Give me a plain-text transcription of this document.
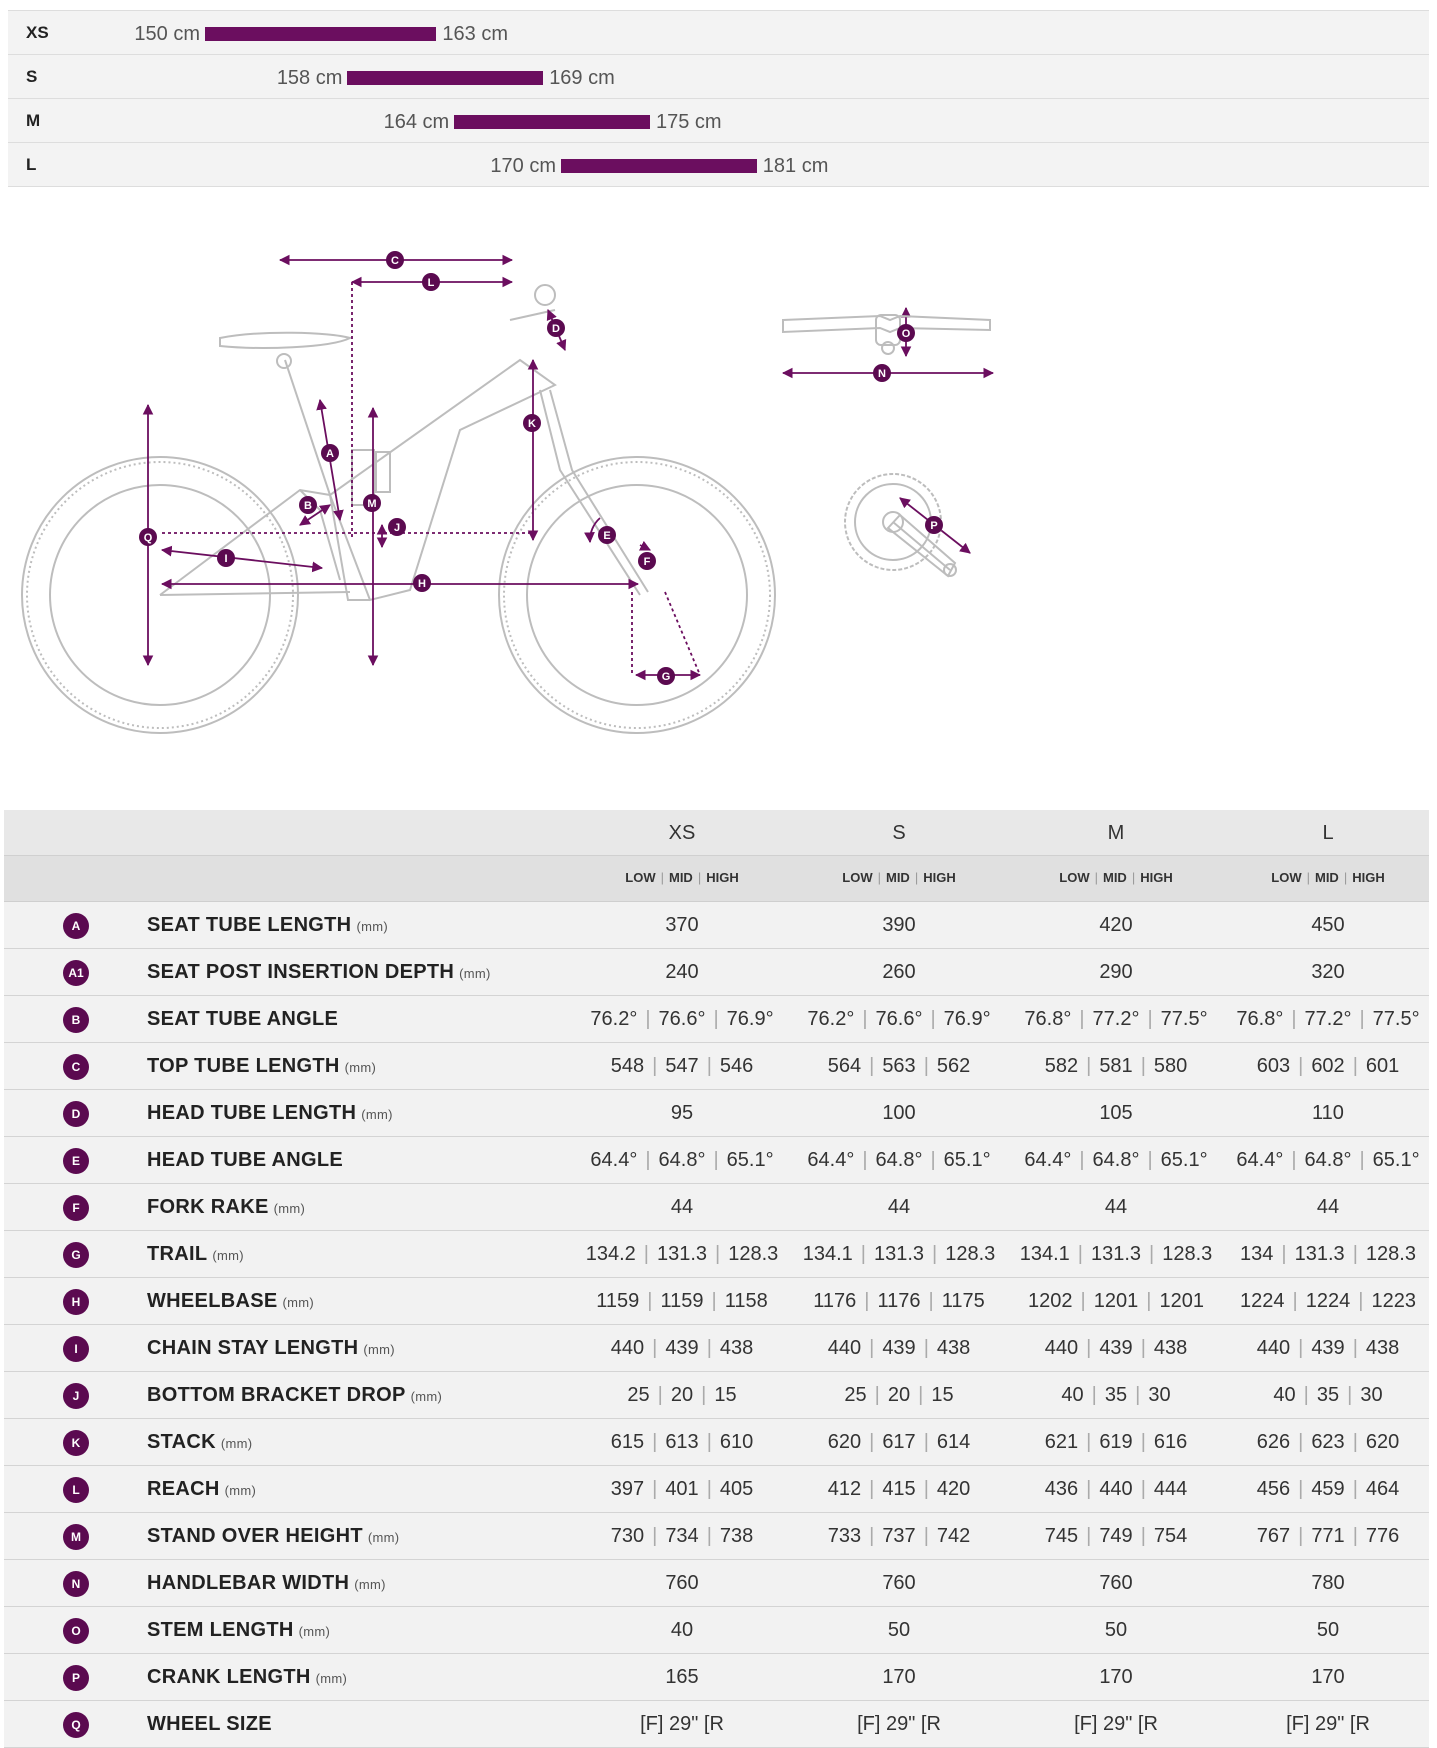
XS	150 cm	163 cm
S	158 cm	169 cm
M	164 cm	175 cm
L	170 cm	181 cm
A
B
C
D
E
F
G
H
I
J
K
L
M
N
O
P
Q
XS	S	M	L
LOW | MID | HIGH	LOW | MID | HIGH	LOW | MID | HIGH	LOW | MID | HIGH
A	SEAT TUBE LENGTH (mm)	370	390	420	450
A1	SEAT POST INSERTION DEPTH (mm)	240	260	290	320
B	SEAT TUBE ANGLE	76.2° | 76.6° | 76.9°	76.2° | 76.6° | 76.9°	76.8° | 77.2° | 77.5°	76.8° | 77.2° | 77.5°
C	TOP TUBE LENGTH (mm)	548 | 547 | 546	564 | 563 | 562	582 | 581 | 580	603 | 602 | 601
D	HEAD TUBE LENGTH (mm)	95	100	105	110
E	HEAD TUBE ANGLE	64.4° | 64.8° | 65.1°	64.4° | 64.8° | 65.1°	64.4° | 64.8° | 65.1°	64.4° | 64.8° | 65.1°
F	FORK RAKE (mm)	44	44	44	44
G	TRAIL (mm)	134.2 | 131.3 | 128.3	134.1 | 131.3 | 128.3	134.1 | 131.3 | 128.3	134 | 131.3 | 128.3
H	WHEELBASE (mm)	1159 | 1159 | 1158	1176 | 1176 | 1175	1202 | 1201 | 1201	1224 | 1224 | 1223
I	CHAIN STAY LENGTH (mm)	440 | 439 | 438	440 | 439 | 438	440 | 439 | 438	440 | 439 | 438
J	BOTTOM BRACKET DROP (mm)	25 | 20 | 15	25 | 20 | 15	40 | 35 | 30	40 | 35 | 30
K	STACK (mm)	615 | 613 | 610	620 | 617 | 614	621 | 619 | 616	626 | 623 | 620
L	REACH (mm)	397 | 401 | 405	412 | 415 | 420	436 | 440 | 444	456 | 459 | 464
M	STAND OVER HEIGHT (mm)	730 | 734 | 738	733 | 737 | 742	745 | 749 | 754	767 | 771 | 776
N	HANDLEBAR WIDTH (mm)	760	760	760	780
O	STEM LENGTH (mm)	40	50	50	50
P	CRANK LENGTH (mm)	165	170	170	170
Q	WHEEL SIZE	[F] 29" [R	[F] 29" [R	[F] 29" [R	[F] 29" [R
